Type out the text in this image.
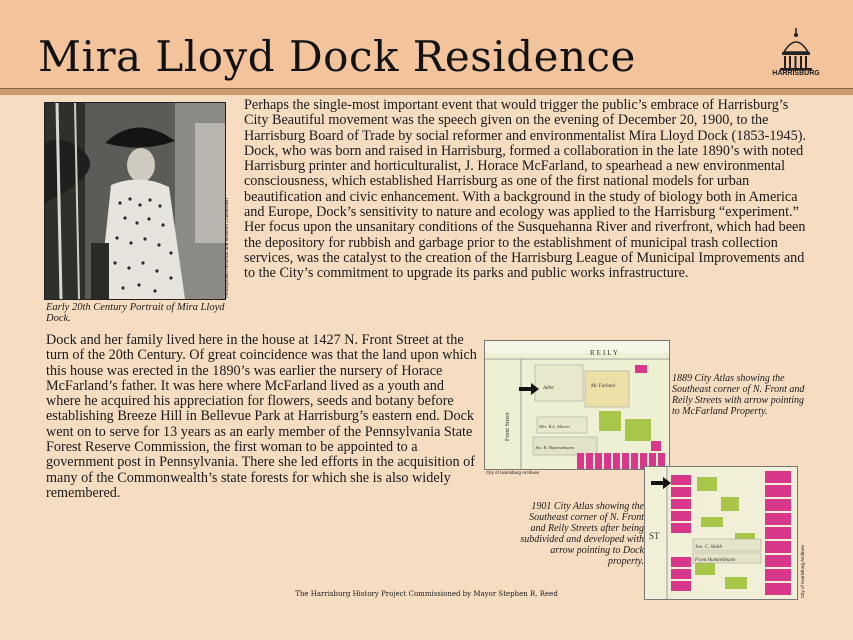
Mira Lloyd Dock Residence	HARRISBURG
Pennsylvania Historical and Museum Commission
Early 20th Century Portrait of Mira Lloyd Dock.

Perhaps the single-most important event that would trigger the public’s embrace of Harrisburg’s City Beautiful movement was the speech given on the evening of December 20, 1900, to the Harrisburg Board of Trade by social reformer and environmentalist Mira Lloyd Dock (1853-1945). Dock, who was born and raised in Harrisburg, formed a collaboration in the late 1890’s with noted Harrisburg printer and horticulturalist, J. Horace McFarland, to spearhead a new environmental consciousness, which established Harrisburg as one of the first national models for urban beautification and civic enhancement. With a background in the study of biology both in America and Europe, Dock’s sensitivity to nature and ecology was applied to the Harrisburg “experiment.” Her focus upon the unsanitary conditions of the Susquehanna River and riverfront, which had been the depository for rubbish and garbage prior to the establishment of municipal trash collection services, was the catalyst to the creation of the Harrisburg League of Municipal Improvements and to the City’s commitment to upgrade its parks and public works infrastructure.

Dock and her family lived here in the house at 1427 N. Front Street at the turn of the 20th Century. Of great coincidence was that the land upon which this house was erected in the 1890’s was earlier the nursery of Horace McFarland’s father. It was here where McFarland lived as a youth and where he acquired his appreciation for flowers, seeds and botany before establishing Breeze Hill in Bellevue Park at Harrisburg’s eastern end. Dock went on to serve for 13 years as an early member of the Pennsylvania State Forest Reserve Commission, the first woman to be appointed to a government post in Pennsylvania. There she led efforts in the acquisition of many of the Commonwealth’s state forests for which she is also widely remembered.

REILY
Front Street
Adler	Mc Farland
Mrs. R.L. Martin
Jno. R. Hummelmann
City of Harrisburg Archives
1889 City Atlas showing the Southeast corner of N. Front and Reily Streets with arrow pointing to McFarland Property.
1901 City Atlas showing the Southeast corner of N. Front and Reily Streets after being subdivided and developed with arrow pointing to Dock property.
ST
Jno. C. Smith
Front Hummelmann	City of Harrisburg Archives
The Harrisburg History Project Commissioned by Mayor Stephen R. Reed
